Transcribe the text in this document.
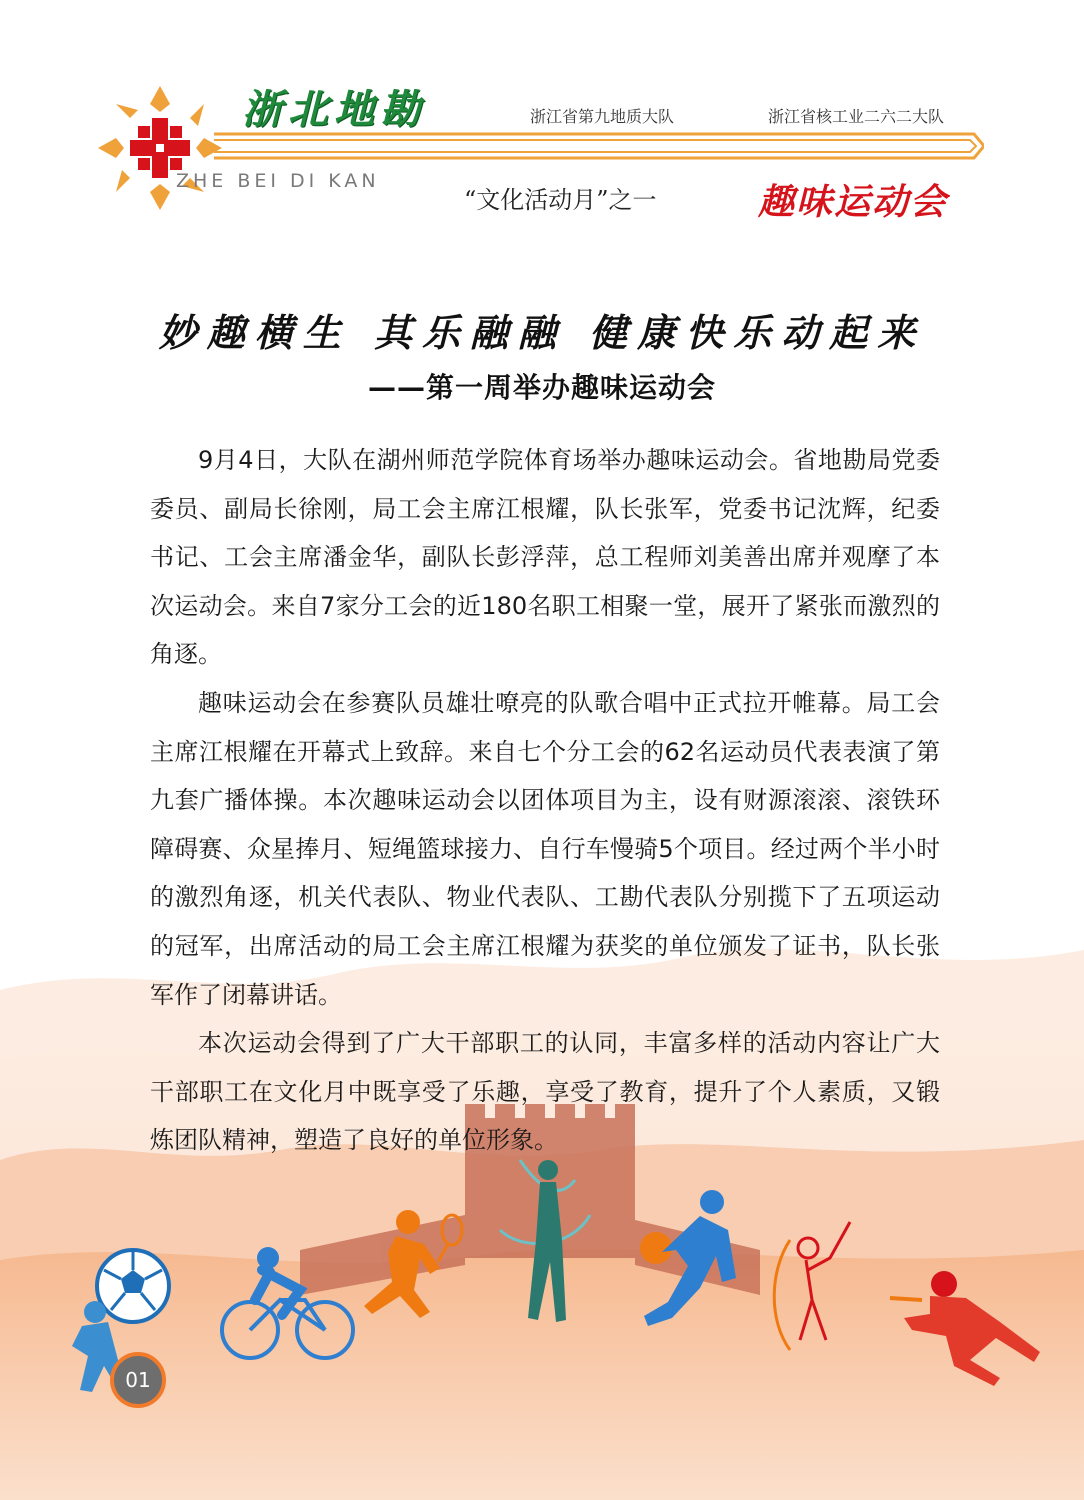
浙北地勘
ZHE BEI DI KAN
浙江省第九地质大队	浙江省核工业二六二大队
“文化活动月”之一	趣味运动会
妙趣横生 其乐融融 健康快乐动起来
——第一周举办趣味运动会

9月4日，大队在湖州师范学院体育场举办趣味运动会。省地勘局党委委员、副局长徐刚，局工会主席江根耀，队长张军，党委书记沈辉，纪委书记、工会主席潘金华，副队长彭浮萍，总工程师刘美善出席并观摩了本次运动会。来自7家分工会的近180名职工相聚一堂，展开了紧张而激烈的角逐。

趣味运动会在参赛队员雄壮嘹亮的队歌合唱中正式拉开帷幕。局工会主席江根耀在开幕式上致辞。来自七个分工会的62名运动员代表表演了第九套广播体操。本次趣味运动会以团体项目为主，设有财源滚滚、滚铁环障碍赛、众星捧月、短绳篮球接力、自行车慢骑5个项目。经过两个半小时的激烈角逐，机关代表队、物业代表队、工勘代表队分别揽下了五项运动的冠军，出席活动的局工会主席江根耀为获奖的单位颁发了证书，队长张军作了闭幕讲话。

本次运动会得到了广大干部职工的认同，丰富多样的活动内容让广大干部职工在文化月中既享受了乐趣，享受了教育，提升了个人素质，又锻炼团队精神，塑造了良好的单位形象。

01
